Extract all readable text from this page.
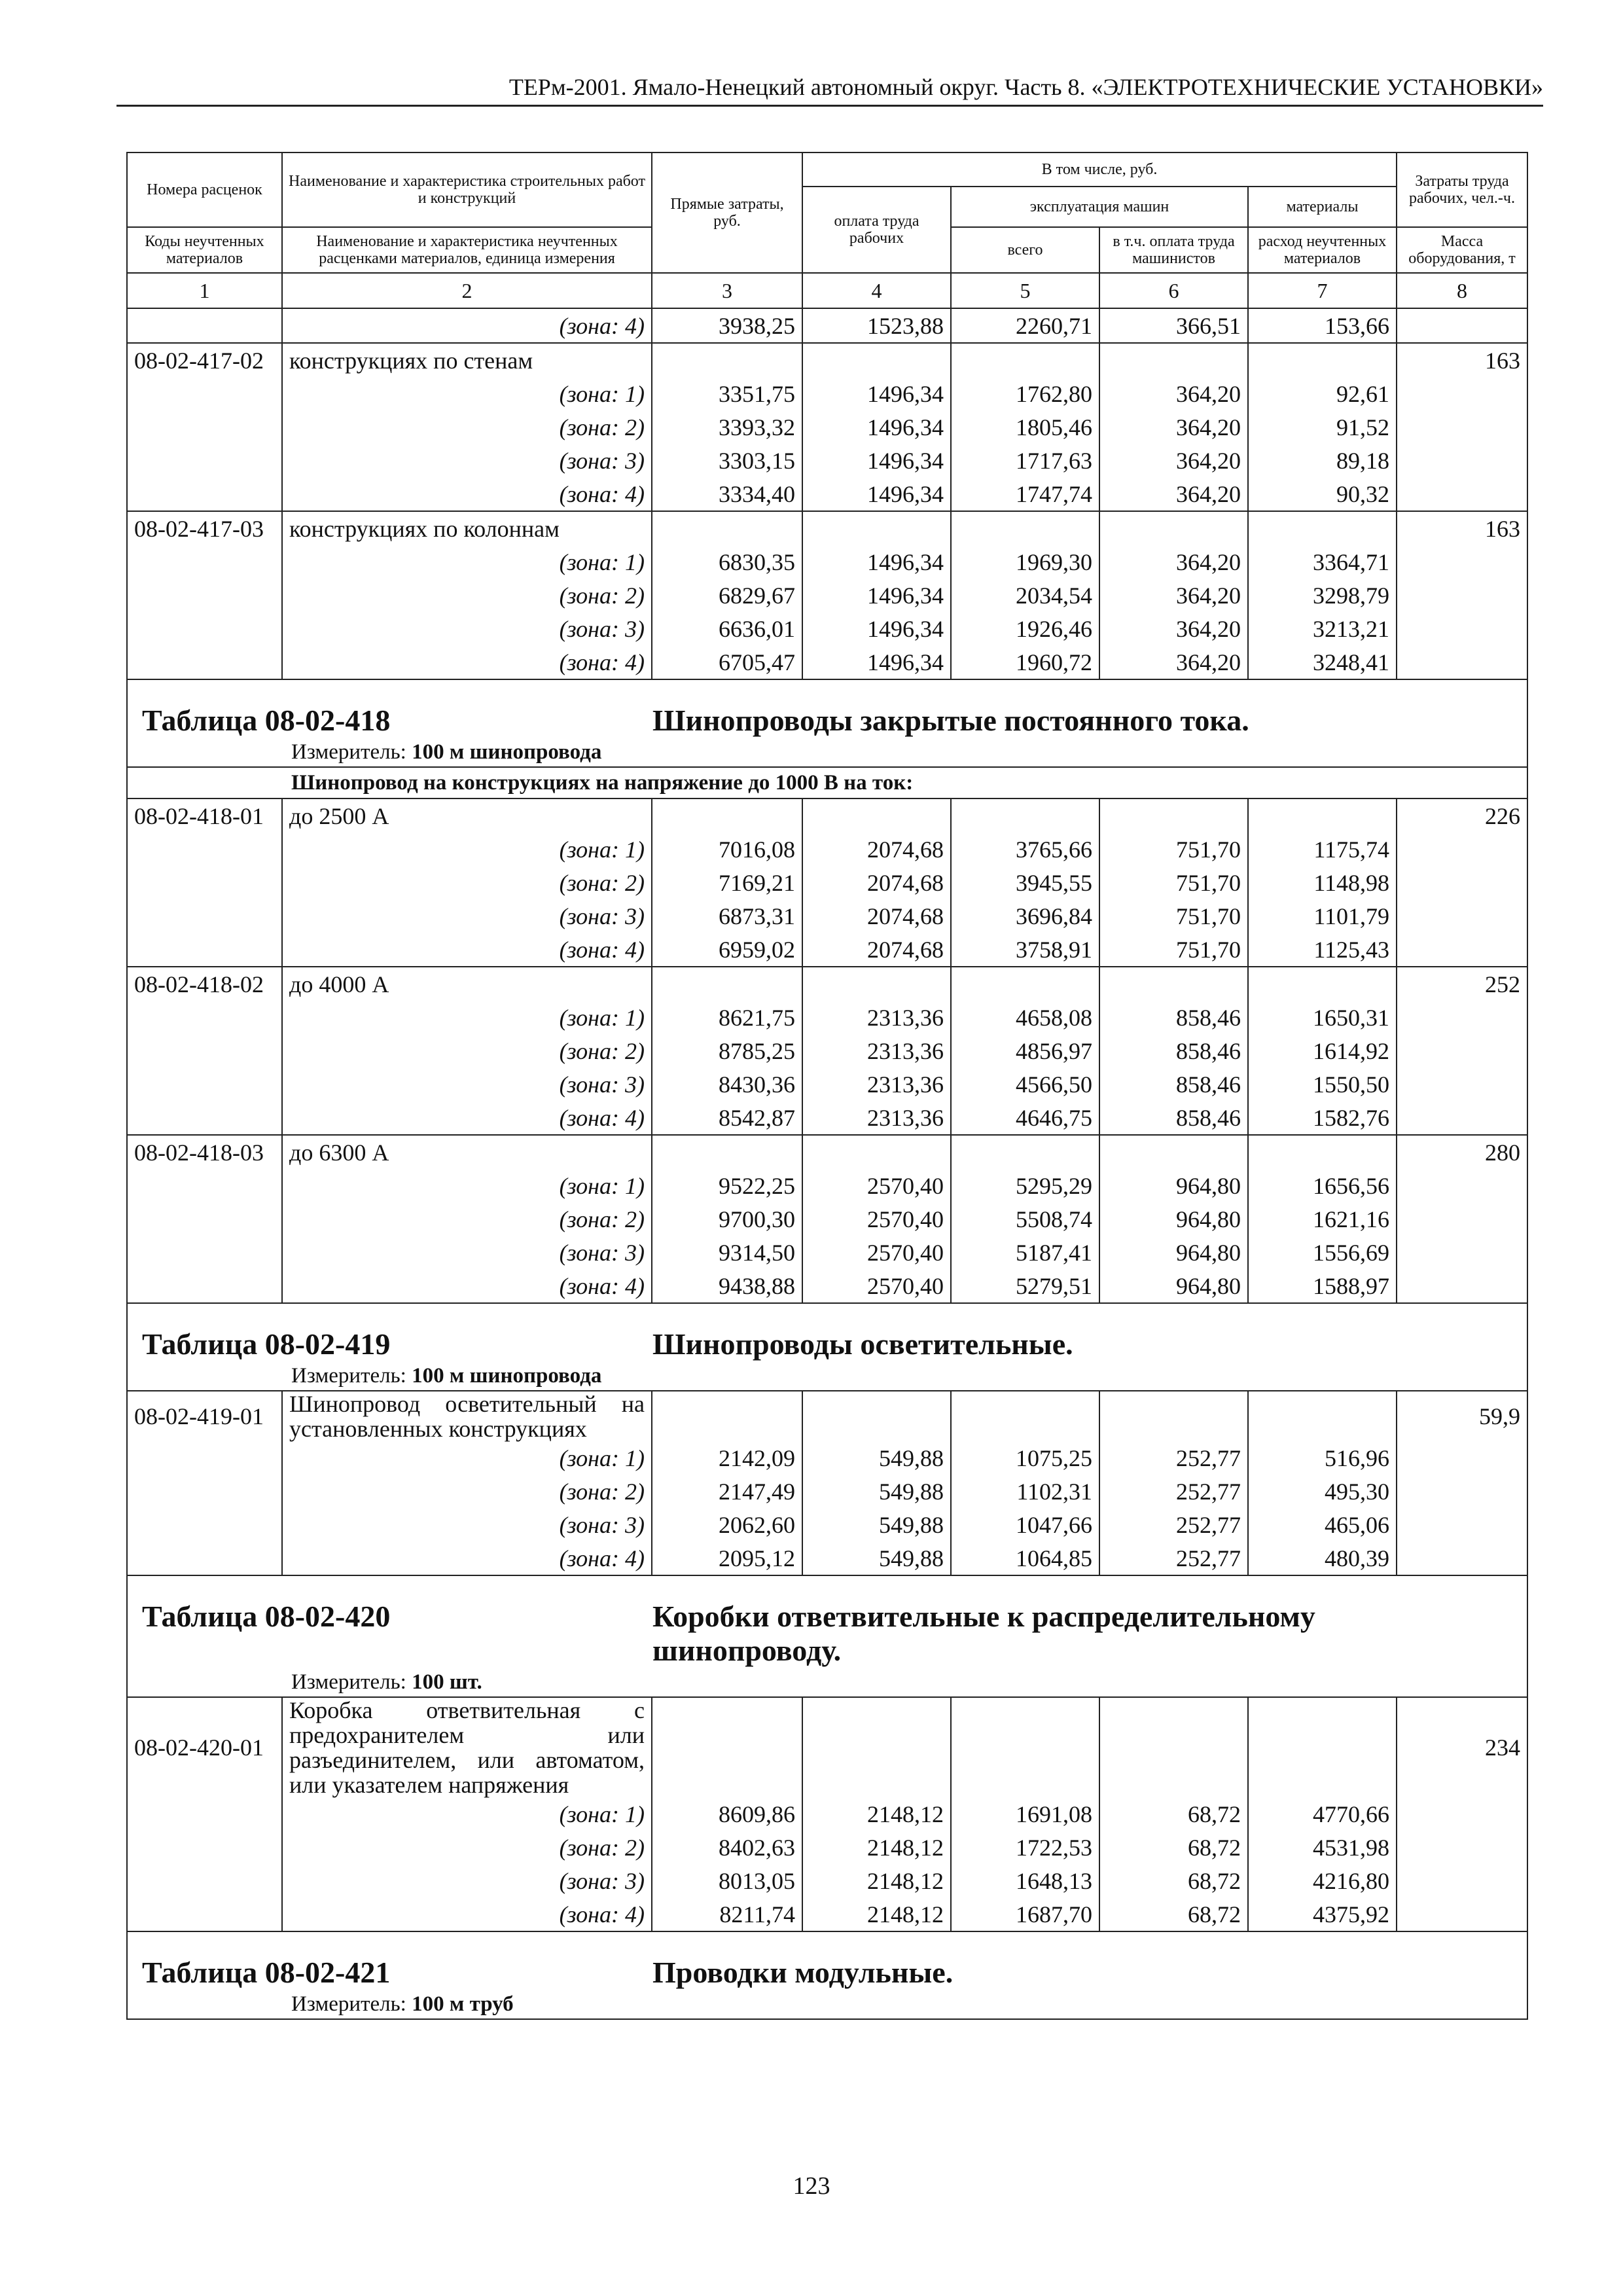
ТЕРм-2001. Ямало-Ненецкий автономный округ. Часть 8. «ЭЛЕКТРОТЕХНИЧЕСКИЕ УСТАНОВКИ»
Номера расценок	Наименование и характеристика строительных работ и конструкций	Прямые затраты, руб.	В том числе, руб.				Затраты труда рабочих, чел.-ч.
			оплата труда рабочих	эксплуатация машин		материалы	
Коды неучтенных материалов	Наименование и характеристика неучтенных расценками материалов, единица измерения			всего	в т.ч. оплата труда машинистов	расход неучтенных материалов	Масса оборудования, т
1	2	3	4	5	6	7	8
	(зона: 4)	3938,25	1523,88	2260,71	366,51	153,66	
08-02-417-02	конструкциях по стенам						163
	(зона: 1)	3351,75	1496,34	1762,80	364,20	92,61	
	(зона: 2)	3393,32	1496,34	1805,46	364,20	91,52	
	(зона: 3)	3303,15	1496,34	1717,63	364,20	89,18	
	(зона: 4)	3334,40	1496,34	1747,74	364,20	90,32	
08-02-417-03	конструкциях по колоннам						163
	(зона: 1)	6830,35	1496,34	1969,30	364,20	3364,71	
	(зона: 2)	6829,67	1496,34	2034,54	364,20	3298,79	
	(зона: 3)	6636,01	1496,34	1926,46	364,20	3213,21	
	(зона: 4)	6705,47	1496,34	1960,72	364,20	3248,41	
Таблица 08-02-418 Шинопроводы закрытые постоянного тока.							
Измеритель: 100 м шинопровода							
Шинопровод на конструкциях на напряжение до 1000 В на ток:							
08-02-418-01	до 2500 А						226
	(зона: 1)	7016,08	2074,68	3765,66	751,70	1175,74	
	(зона: 2)	7169,21	2074,68	3945,55	751,70	1148,98	
	(зона: 3)	6873,31	2074,68	3696,84	751,70	1101,79	
	(зона: 4)	6959,02	2074,68	3758,91	751,70	1125,43	
08-02-418-02	до 4000 А						252
	(зона: 1)	8621,75	2313,36	4658,08	858,46	1650,31	
	(зона: 2)	8785,25	2313,36	4856,97	858,46	1614,92	
	(зона: 3)	8430,36	2313,36	4566,50	858,46	1550,50	
	(зона: 4)	8542,87	2313,36	4646,75	858,46	1582,76	
08-02-418-03	до 6300 А						280
	(зона: 1)	9522,25	2570,40	5295,29	964,80	1656,56	
	(зона: 2)	9700,30	2570,40	5508,74	964,80	1621,16	
	(зона: 3)	9314,50	2570,40	5187,41	964,80	1556,69	
	(зона: 4)	9438,88	2570,40	5279,51	964,80	1588,97	
Таблица 08-02-419 Шинопроводы осветительные.							
Измеритель: 100 м шинопровода							
08-02-419-01	Шинопровод осветительный на установленных конструкциях						59,9
	(зона: 1)	2142,09	549,88	1075,25	252,77	516,96	
	(зона: 2)	2147,49	549,88	1102,31	252,77	495,30	
	(зона: 3)	2062,60	549,88	1047,66	252,77	465,06	
	(зона: 4)	2095,12	549,88	1064,85	252,77	480,39	
Таблица 08-02-420 Коробки ответвительные к распределительному шинопроводу.							
Измеритель: 100 шт.							
08-02-420-01	Коробка ответвительная с предохранителем или разъединителем, или автоматом, или указателем напряжения						234
	(зона: 1)	8609,86	2148,12	1691,08	68,72	4770,66	
	(зона: 2)	8402,63	2148,12	1722,53	68,72	4531,98	
	(зона: 3)	8013,05	2148,12	1648,13	68,72	4216,80	
	(зона: 4)	8211,74	2148,12	1687,70	68,72	4375,92	
Таблица 08-02-421 Проводки модульные.							
Измеритель: 100 м труб							
123
